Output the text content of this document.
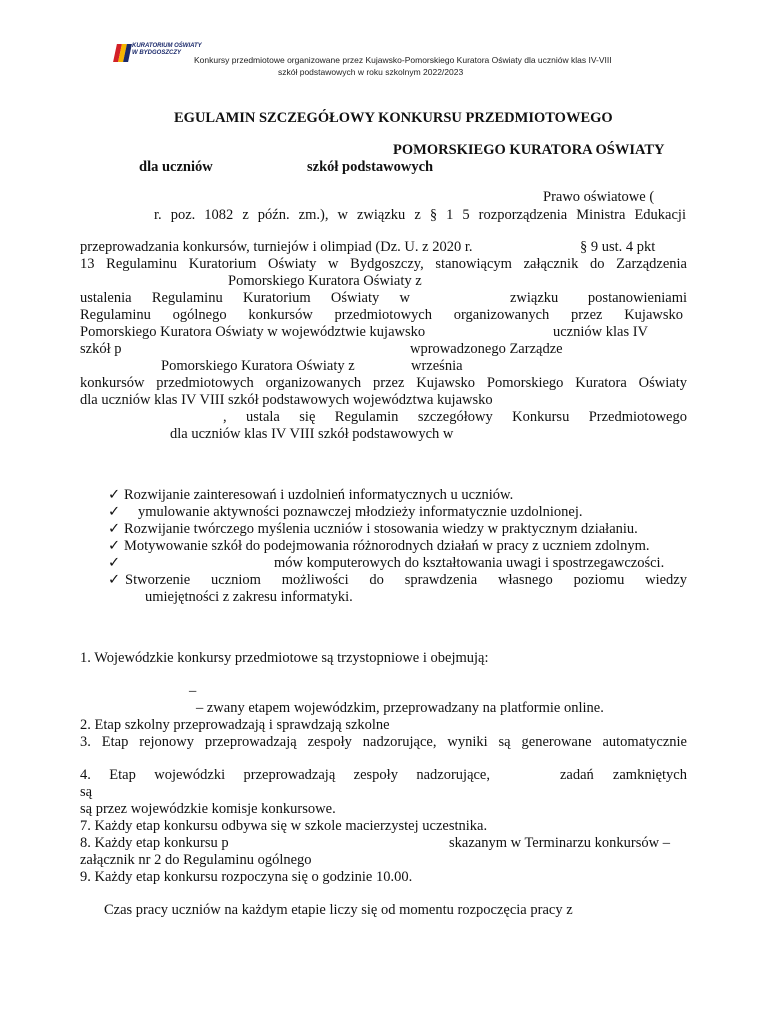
KURATORIUM OŚWIATY
W BYDGOSZCZY
Konkursy przedmiotowe organizowane przez Kujawsko-Pomorskiego Kuratora Oświaty dla uczniów klas IV-VIII
szkół podstawowych w roku szkolnym 2022/2023
EGULAMIN SZCZEGÓŁOWY KONKURSU PRZEDMIOTOWEGO
POMORSKIEGO KURATORA OŚWIATY
dla uczniów	szkół podstawowych
Prawo oświatowe (
r. poz. 1082 z późn. zm.), w związku z § 1 5 rozporządzenia Ministra Edukacji
przeprowadzania konkursów, turniejów i olimpiad (Dz. U. z 2020 r.	§ 9 ust. 4 pkt
13 Regulaminu Kuratorium Oświaty w Bydgoszczy, stanowiącym załącznik do Zarządzenia
Pomorskiego Kuratora Oświaty z
ustalenia Regulaminu Kuratorium Oświaty w	związku postanowieniami
Regulaminu ogólnego konkursów przedmiotowych organizowanych przez Kujawsko
Pomorskiego Kuratora Oświaty w województwie kujawsko	uczniów klas IV
szkół p	wprowadzonego Zarządze
Pomorskiego Kuratora Oświaty z	września
konkursów przedmiotowych organizowanych przez Kujawsko Pomorskiego Kuratora Oświaty
dla uczniów klas IV VIII szkół podstawowych województwa kujawsko
, ustala się Regulamin szczegółowy Konkursu Przedmiotowego
dla uczniów klas IV VIII szkół podstawowych w
✓ Rozwijanie zainteresowań i uzdolnień informatycznych u uczniów.
✓ ymulowanie aktywności poznawczej młodzieży informatycznie uzdolnionej.
✓ Rozwijanie twórczego myślenia uczniów i stosowania wiedzy w praktycznym działaniu.
✓ Motywowanie szkół do podejmowania różnorodnych działań w pracy z uczniem zdolnym.
✓	mów komputerowych do kształtowania uwagi i spostrzegawczości.
✓ Stworzenie uczniom możliwości do sprawdzenia własnego poziomu wiedzy
umiejętności z zakresu informatyki.
1. Wojewódzkie konkursy przedmiotowe są trzystopniowe i obejmują:
–
– zwany etapem wojewódzkim, przeprowadzany na platformie online.
2. Etap szkolny przeprowadzają i sprawdzają szkolne
3. Etap rejonowy przeprowadzają zespoły nadzorujące, wyniki są generowane automatycznie
4. Etap wojewódzki przeprowadzają zespoły nadzorujące,	zadań zamkniętych
są
są przez wojewódzkie komisje konkursowe.
7. Każdy etap konkursu odbywa się w szkole macierzystej uczestnika.
8. Każdy etap konkursu p	skazanym w Terminarzu konkursów –
załącznik nr 2 do Regulaminu ogólnego
9. Każdy etap konkursu rozpoczyna się o godzinie 10.00.
Czas pracy uczniów na każdym etapie liczy się od momentu rozpoczęcia pracy z
